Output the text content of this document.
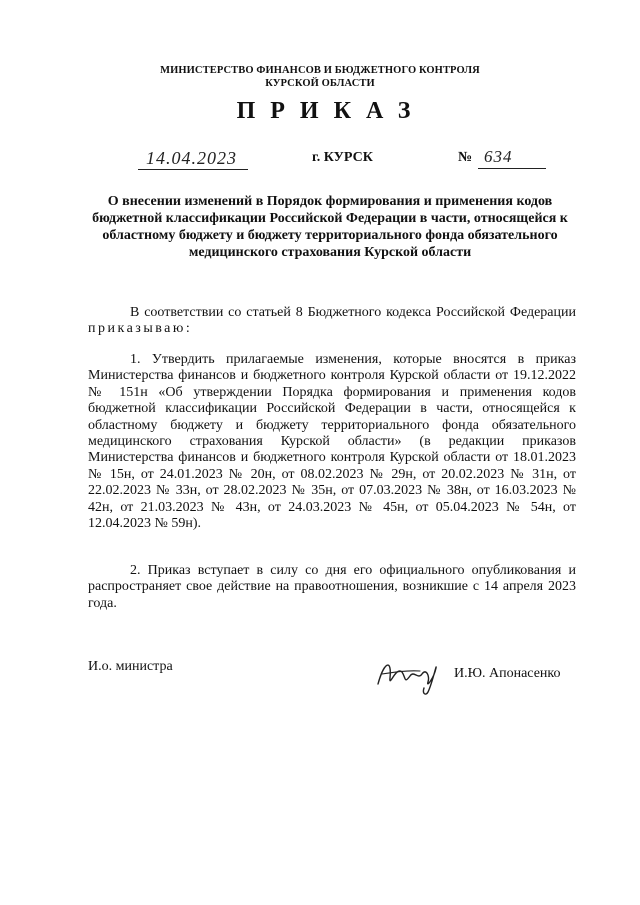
МИНИСТЕРСТВО ФИНАНСОВ И БЮДЖЕТНОГО КОНТРОЛЯ
КУРСКОЙ ОБЛАСТИ
ПРИКАЗ
14.04.2023	г. КУРСК	№ 634
О внесении изменений в Порядок формирования и применения кодов бюджетной классификации Российской Федерации в части, относящейся к областному бюджету и бюджету территориального фонда обязательного медицинского страхования Курской области
В соответствии со статьей 8 Бюджетного кодекса Российской Федерации приказываю:
1. Утвердить прилагаемые изменения, которые вносятся в приказ Министерства финансов и бюджетного контроля Курской области от 19.12.2022 № 151н «Об утверждении Порядка формирования и применения кодов бюджетной классификации Российской Федерации в части, относящейся к областному бюджету и бюджету территориального фонда обязательного медицинского страхования Курской области» (в редакции приказов Министерства финансов и бюджетного контроля Курской области от 18.01.2023 № 15н, от 24.01.2023 № 20н, от 08.02.2023 № 29н, от 20.02.2023 № 31н, от 22.02.2023 № 33н, от 28.02.2023 № 35н, от 07.03.2023 № 38н, от 16.03.2023 № 42н, от 21.03.2023 № 43н, от 24.03.2023 № 45н, от 05.04.2023 № 54н, от 12.04.2023 № 59н).
2. Приказ вступает в силу со дня его официального опубликования и распространяет свое действие на правоотношения, возникшие с 14 апреля 2023 года.
И.о. министра	И.Ю. Апонасенко
